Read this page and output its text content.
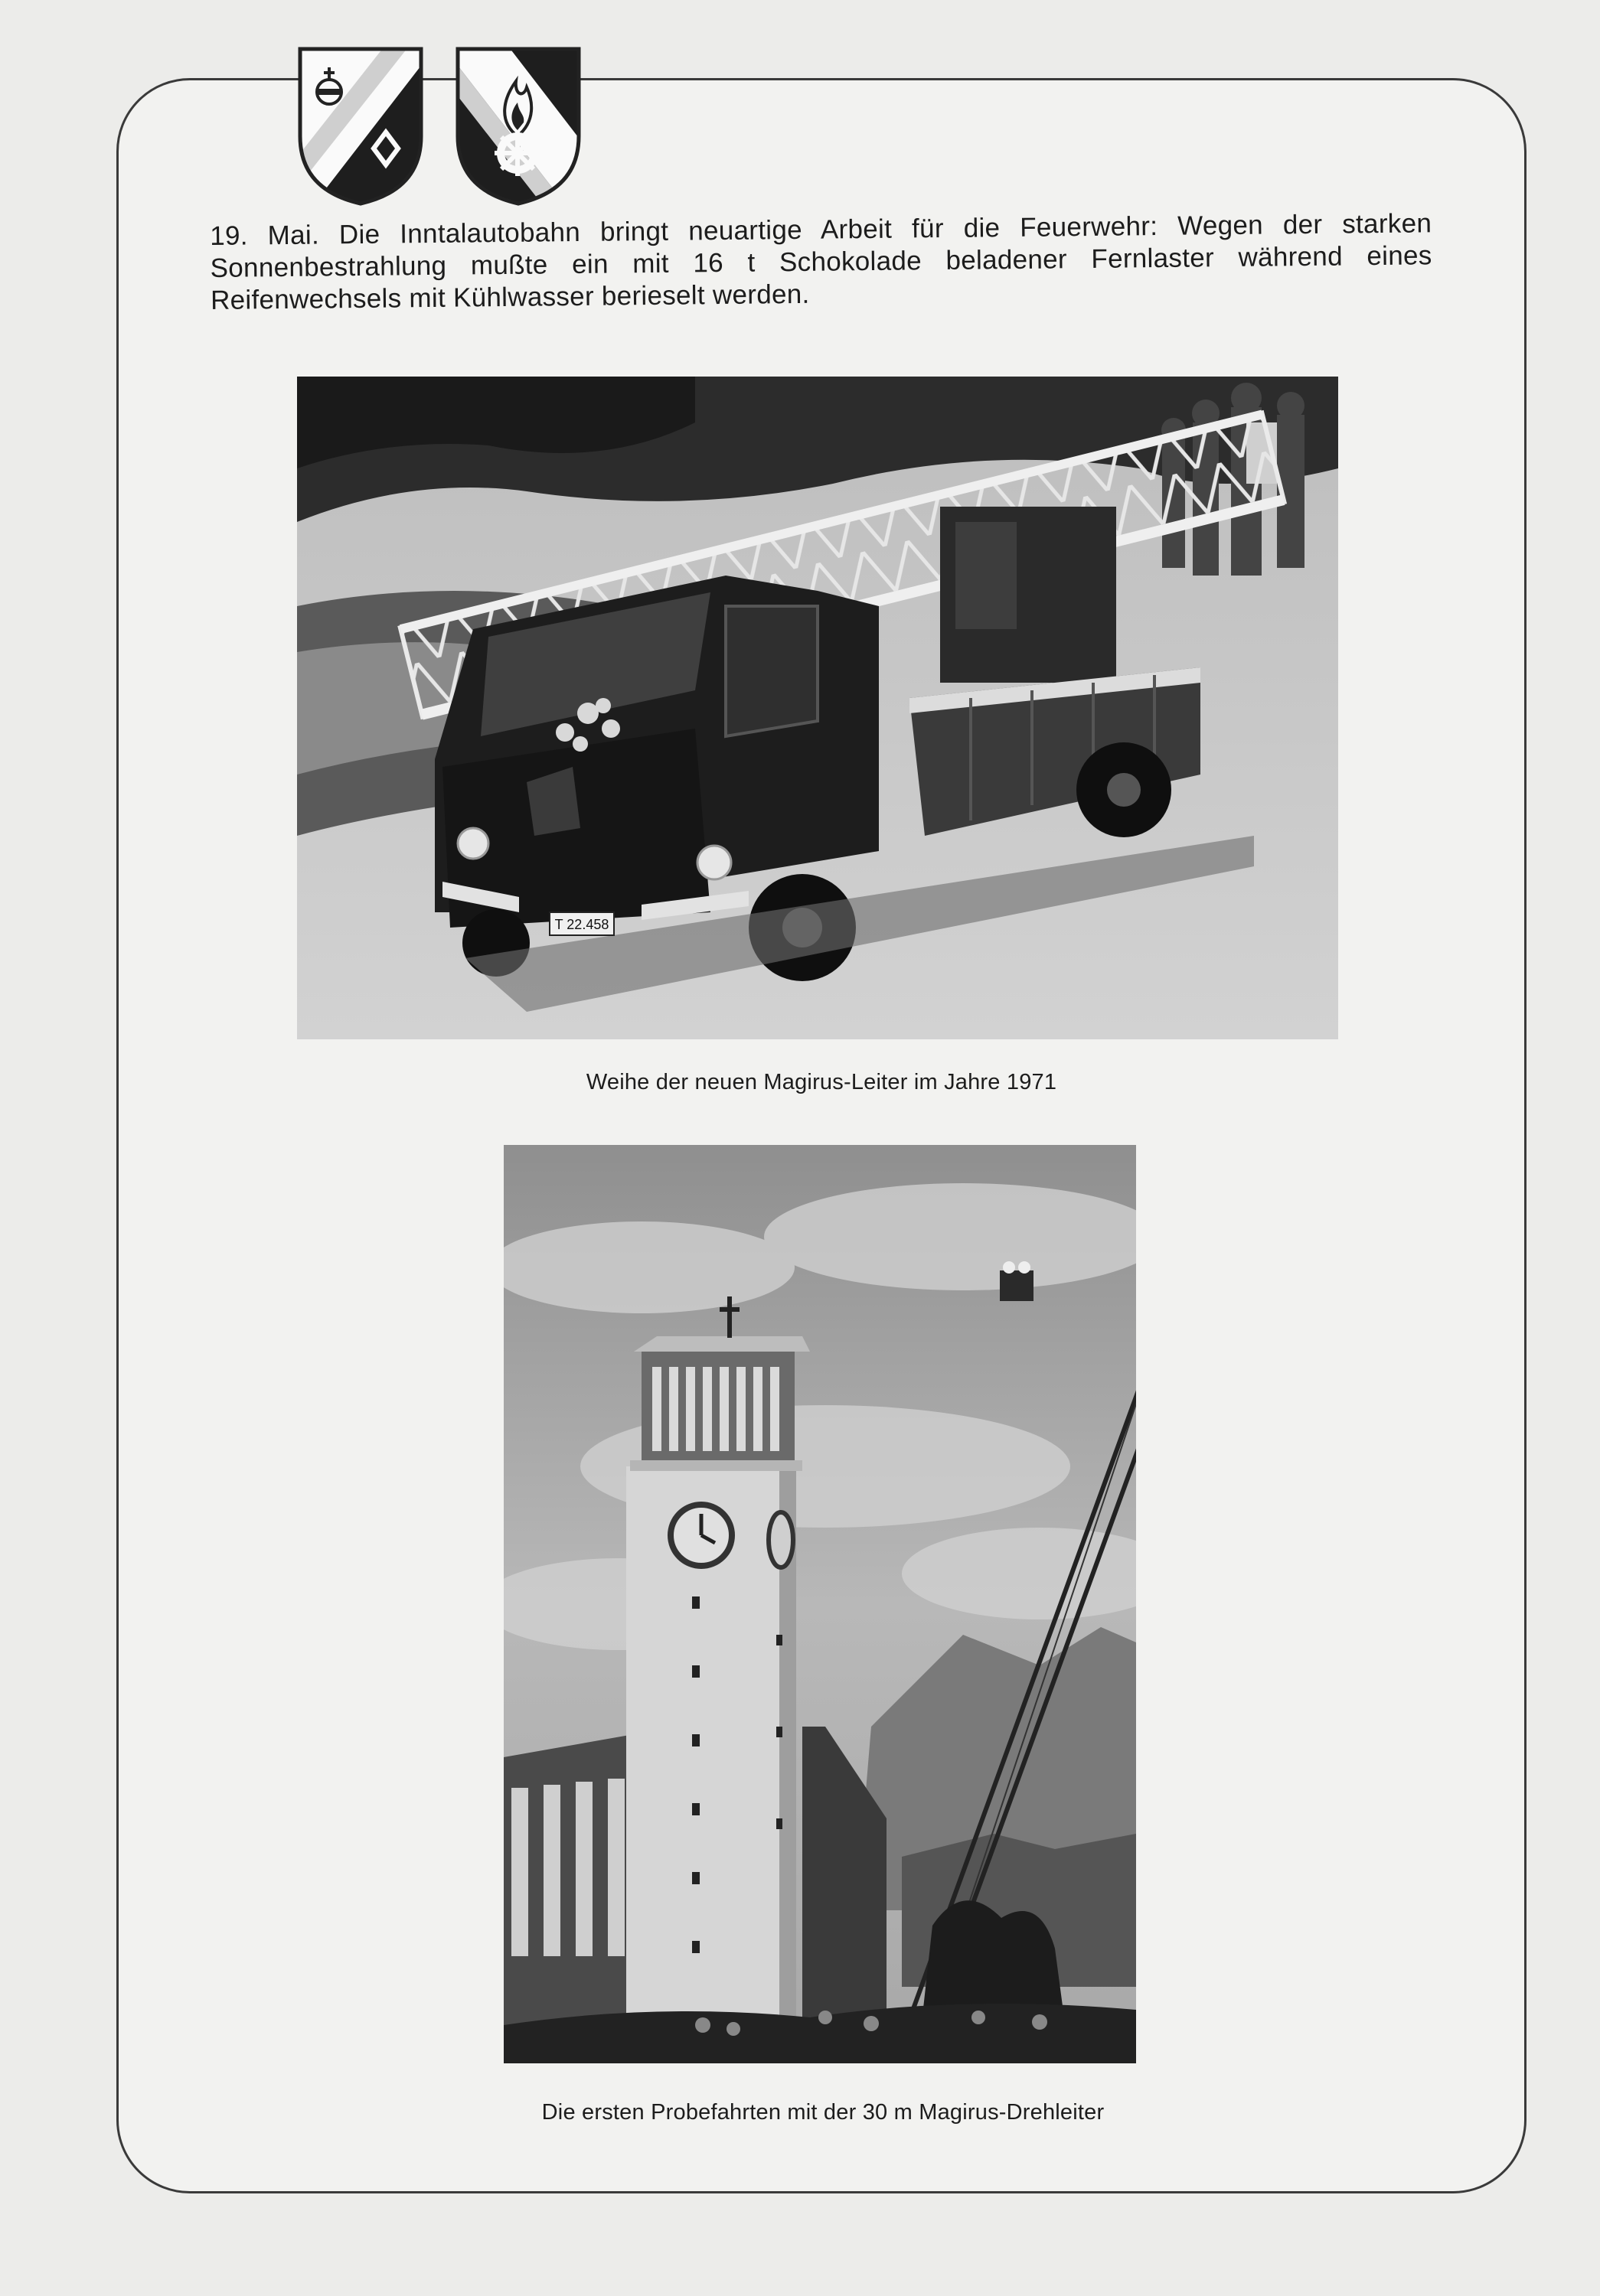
19. Mai. Die Inntalautobahn bringt neuartige Arbeit für die Feuerwehr: Wegen der starken Sonnenbestrahlung mußte ein mit 16 t Schokolade beladener Fernlaster während eines Reifenwechsels mit Kühlwasser berieselt werden.
T 22.458
Weihe der neuen Magirus-Leiter im Jahre 1971
Die ersten Probefahrten mit der 30 m Magirus-Drehleiter
